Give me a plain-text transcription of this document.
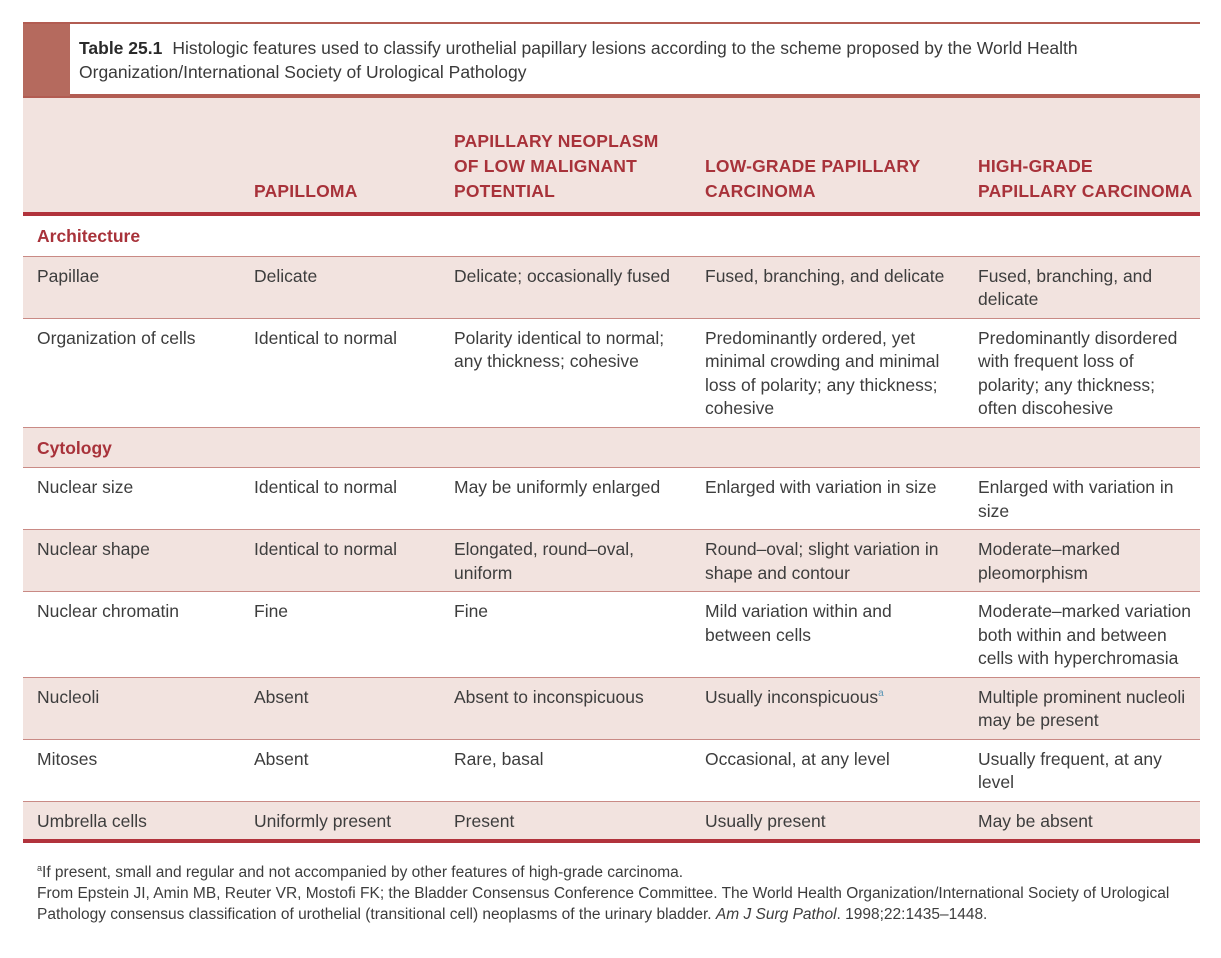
Table 25.1 Histologic features used to classify urothelial papillary lesions according to the scheme proposed by the World Health Organization/International Society of Urological Pathology
	PAPILLOMA	PAPILLARY NEOPLASM OF LOW MALIGNANT POTENTIAL	LOW-GRADE PAPILLARY CARCINOMA	HIGH-GRADE PAPILLARY CARCINOMA
Architecture				
Papillae	Delicate	Delicate; occasionally fused	Fused, branching, and delicate	Fused, branching, and delicate
Organization of cells	Identical to normal	Polarity identical to normal; any thickness; cohesive	Predominantly ordered, yet minimal crowding and minimal loss of polarity; any thickness; cohesive	Predominantly disordered with frequent loss of polarity; any thickness; often discohesive
Cytology				
Nuclear size	Identical to normal	May be uniformly enlarged	Enlarged with variation in size	Enlarged with variation in size
Nuclear shape	Identical to normal	Elongated, round–oval, uniform	Round–oval; slight variation in shape and contour	Moderate–marked pleomorphism
Nuclear chromatin	Fine	Fine	Mild variation within and between cells	Moderate–marked variation both within and between cells with hyperchromasia
Nucleoli	Absent	Absent to inconspicuous	Usually inconspicuous$^a$	Multiple prominent nucleoli may be present
Mitoses	Absent	Rare, basal	Occasional, at any level	Usually frequent, at any level
Umbrella cells	Uniformly present	Present	Usually present	May be absent
$^a$If present, small and regular and not accompanied by other features of high-grade carcinoma.
From Epstein JI, Amin MB, Reuter VR, Mostofi FK; the Bladder Consensus Conference Committee. The World Health Organization/International Society of Urological Pathology consensus classification of urothelial (transitional cell) neoplasms of the urinary bladder. Am J Surg Pathol. 1998;22:1435–1448.
